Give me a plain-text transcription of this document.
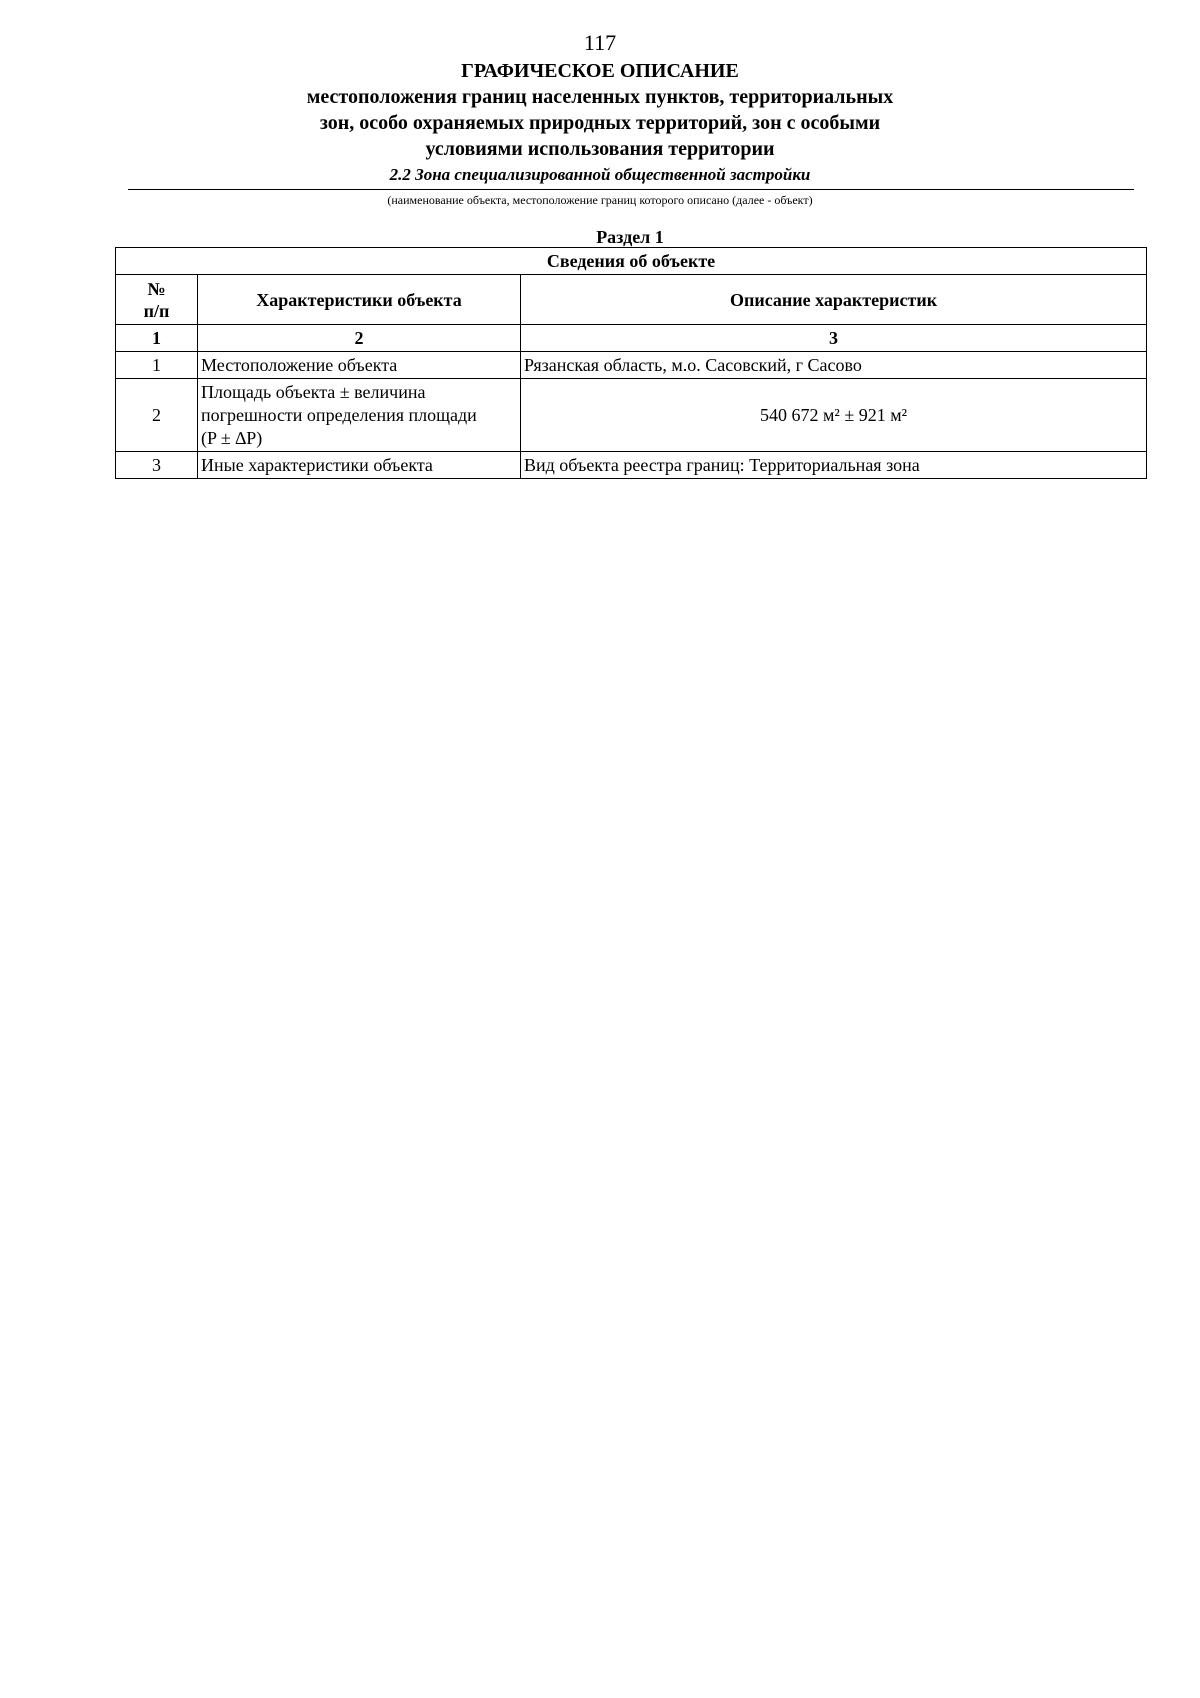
117
ГРАФИЧЕСКОЕ ОПИСАНИЕ
местоположения границ населенных пунктов, территориальных
зон, особо охраняемых природных территорий, зон с особыми
условиями использования территории
2.2 Зона специализированной общественной застройки
(наименование объекта, местоположение границ которого описано (далее - объект)
Раздел 1
Сведения об объекте		

№
п/п	Характеристики объекта	Описание характеристик
1	2	3
1	Местоположение объекта	Рязанская область, м.о. Сасовский, г Сасово
2	Площадь объекта ± величина
погрешности определения площади
(P ± ∆P)	540 672 м² ± 921 м²
3	Иные характеристики объекта	Вид объекта реестра границ: Территориальная зона
